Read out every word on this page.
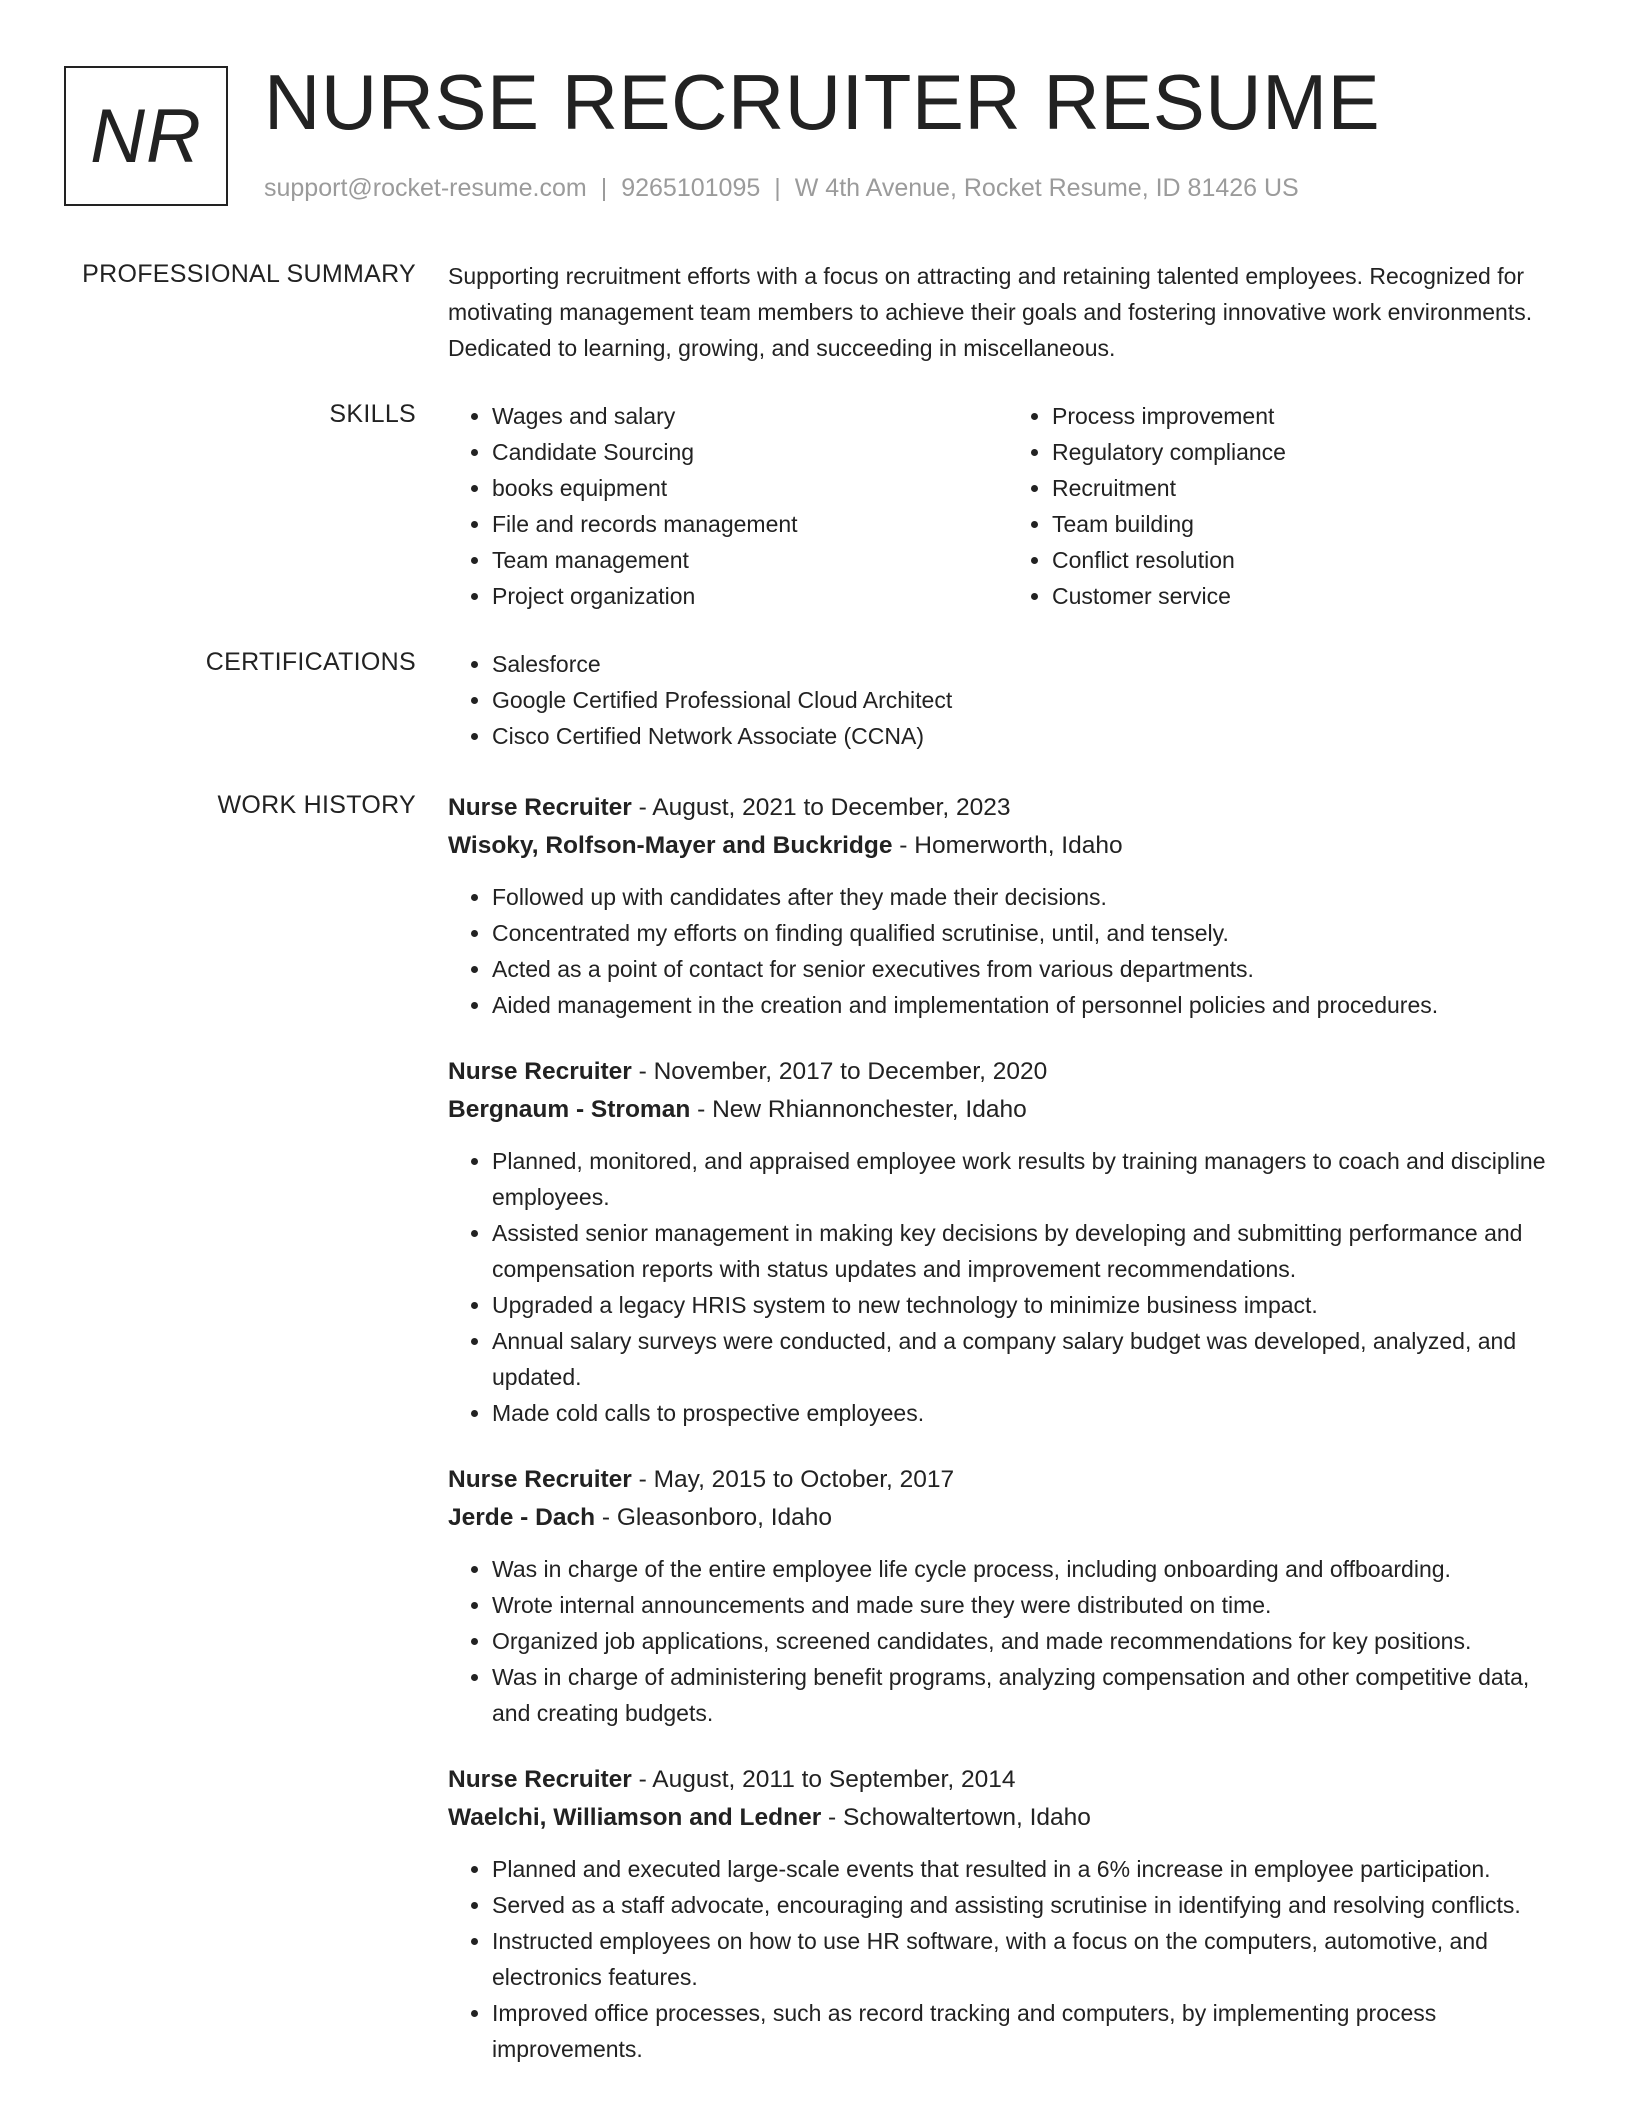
NR NURSE RECRUITER RESUME
support@rocket-resume.com | 9265101095 | W 4th Avenue, Rocket Resume, ID 81426 US
PROFESSIONAL SUMMARY Supporting recruitment efforts with a focus on attracting and retaining talented employees. Recognized for motivating management team members to achieve their goals and fostering innovative work environments. Dedicated to learning, growing, and succeeding in miscellaneous.

SKILLS	• Wages and salary
• Candidate Sourcing
• books equipment
• File and records management
• Team management
• Project organization
• Process improvement
• Regulatory compliance
• Recruitment
• Team building
• Conflict resolution
• Customer service
CERTIFICATIONS	• Salesforce
• Google Certified Professional Cloud Architect
• Cisco Certified Network Associate (CCNA)
WORK HISTORY Nurse Recruiter - August, 2021 to December, 2023
Wisoky, Rolfson-Mayer and Buckridge - Homerworth, Idaho
• Followed up with candidates after they made their decisions.
• Concentrated my efforts on finding qualified scrutinise, until, and tensely.
• Acted as a point of contact for senior executives from various departments.
• Aided management in the creation and implementation of personnel policies and procedures.
Nurse Recruiter - November, 2017 to December, 2020
Bergnaum - Stroman - New Rhiannonchester, Idaho
• Planned, monitored, and appraised employee work results by training managers to coach and discipline employees.
• Assisted senior management in making key decisions by developing and submitting performance and compensation reports with status updates and improvement recommendations.
• Upgraded a legacy HRIS system to new technology to minimize business impact.
• Annual salary surveys were conducted, and a company salary budget was developed, analyzed, and updated.
• Made cold calls to prospective employees.
Nurse Recruiter - May, 2015 to October, 2017
Jerde - Dach - Gleasonboro, Idaho
• Was in charge of the entire employee life cycle process, including onboarding and offboarding.
• Wrote internal announcements and made sure they were distributed on time.
• Organized job applications, screened candidates, and made recommendations for key positions.
• Was in charge of administering benefit programs, analyzing compensation and other competitive data, and creating budgets.
Nurse Recruiter - August, 2011 to September, 2014
Waelchi, Williamson and Ledner - Schowaltertown, Idaho
• Planned and executed large-scale events that resulted in a 6% increase in employee participation.
• Served as a staff advocate, encouraging and assisting scrutinise in identifying and resolving conflicts.
• Instructed employees on how to use HR software, with a focus on the computers, automotive, and electronics features.
• Improved office processes, such as record tracking and computers, by implementing process improvements.
